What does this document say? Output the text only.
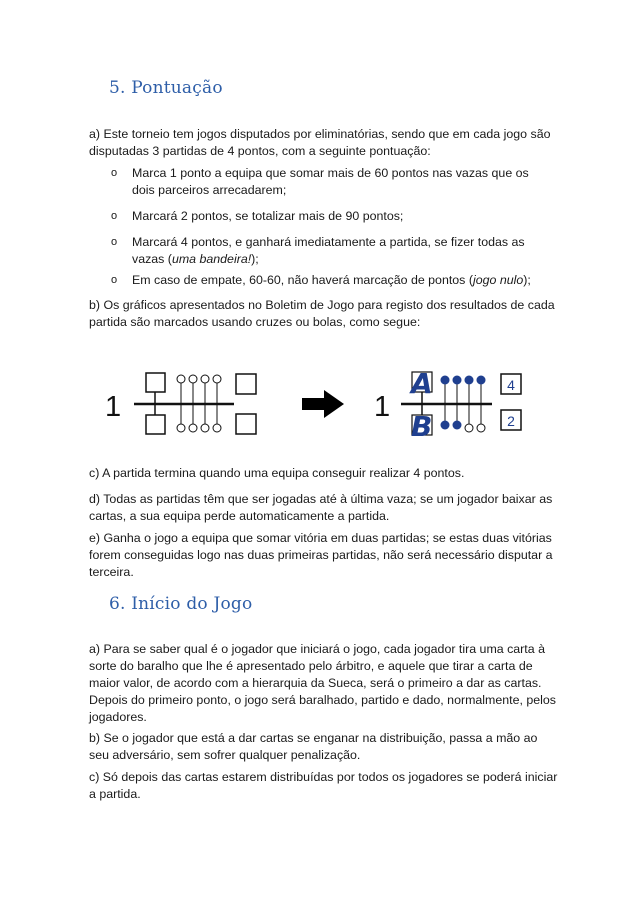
5. Pontuação

a) Este torneio tem jogos disputados por eliminatórias, sendo que em cada jogo são disputadas 3 partidas de 4 pontos, com a seguinte pontuação:

o Marca 1 ponto a equipa que somar mais de 60 pontos nas vazas que os dois parceiros arrecadarem;

o Marcará 2 pontos, se totalizar mais de 90 pontos;

o Marcará 4 pontos, e ganhará imediatamente a partida, se fizer todas as vazas (uma bandeira!);

o Em caso de empate, 60-60, não haverá marcação de pontos (jogo nulo);

b) Os gráficos apresentados no Boletim de Jogo para registo dos resultados de cada partida são marcados usando cruzes ou bolas, como segue:

1	1
A
B
4
2

c) A partida termina quando uma equipa conseguir realizar 4 pontos.

d) Todas as partidas têm que ser jogadas até à última vaza; se um jogador baixar as cartas, a sua equipa perde automaticamente a partida.

e) Ganha o jogo a equipa que somar vitória em duas partidas; se estas duas vitórias forem conseguidas logo nas duas primeiras partidas, não será necessário disputar a terceira.

6. Início do Jogo

a) Para se saber qual é o jogador que iniciará o jogo, cada jogador tira uma carta à sorte do baralho que lhe é apresentado pelo árbitro, e aquele que tirar a carta de maior valor, de acordo com a hierarquia da Sueca, será o primeiro a dar as cartas. Depois do primeiro ponto, o jogo será baralhado, partido e dado, normalmente, pelos jogadores.

b) Se o jogador que está a dar cartas se enganar na distribuição, passa a mão ao seu adversário, sem sofrer qualquer penalização.

c) Só depois das cartas estarem distribuídas por todos os jogadores se poderá iniciar a partida.
